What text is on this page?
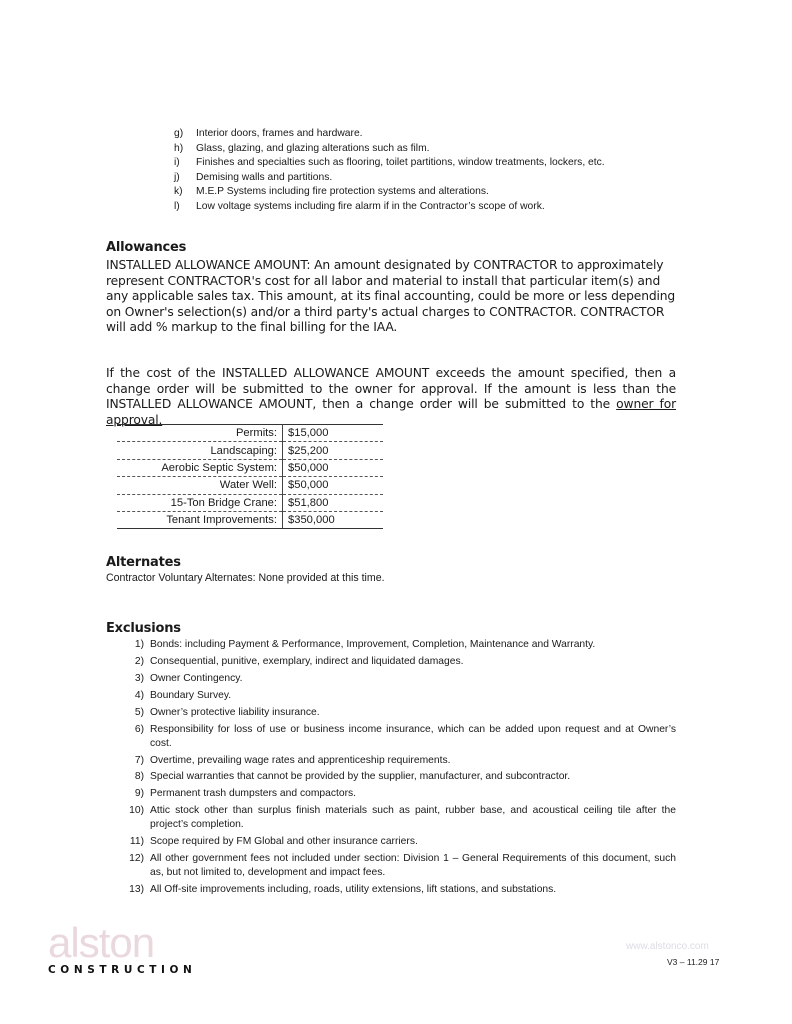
g)	Interior doors, frames and hardware.
h)	Glass, glazing, and glazing alterations such as film.
i)	Finishes and specialties such as flooring, toilet partitions, window treatments, lockers, etc.
j)	Demising walls and partitions.
k)	M.E.P Systems including fire protection systems and alterations.
l)	Low voltage systems including fire alarm if in the Contractor’s scope of work.
Allowances
INSTALLED ALLOWANCE AMOUNT: An amount designated by CONTRACTOR to approximately represent CONTRACTOR's cost for all labor and material to install that particular item(s) and any applicable sales tax. This amount, at its final accounting, could be more or less depending on Owner's selection(s) and/or a third party's actual charges to CONTRACTOR. CONTRACTOR will add % markup to the final billing for the IAA.
If the cost of the INSTALLED ALLOWANCE AMOUNT exceeds the amount specified, then a change order will be submitted to the owner for approval. If the amount is less than the INSTALLED ALLOWANCE AMOUNT, then a change order will be submitted to the owner for approval.
Permits:	$15,000
Landscaping:	$25,200
Aerobic Septic System:	$50,000
Water Well:	$50,000
15-Ton Bridge Crane:	$51,800
Tenant Improvements:	$350,000
Alternates
Contractor Voluntary Alternates: None provided at this time.
Exclusions
1) Bonds: including Payment & Performance, Improvement, Completion, Maintenance and Warranty.
2) Consequential, punitive, exemplary, indirect and liquidated damages.
3) Owner Contingency.
4) Boundary Survey.
5) Owner’s protective liability insurance.
6) Responsibility for loss of use or business income insurance, which can be added upon request and at Owner’s cost.
7) Overtime, prevailing wage rates and apprenticeship requirements.
8) Special warranties that cannot be provided by the supplier, manufacturer, and subcontractor.
9) Permanent trash dumpsters and compactors.
10) Attic stock other than surplus finish materials such as paint, rubber base, and acoustical ceiling tile after the project’s completion.
11) Scope required by FM Global and other insurance carriers.
12) All other government fees not included under section: Division 1 – General Requirements of this document, such as, but not limited to, development and impact fees.
13) All Off-site improvements including, roads, utility extensions, lift stations, and substations.
alston
CONSTRUCTION
www.alstonco.com
V3 – 11.29 17
